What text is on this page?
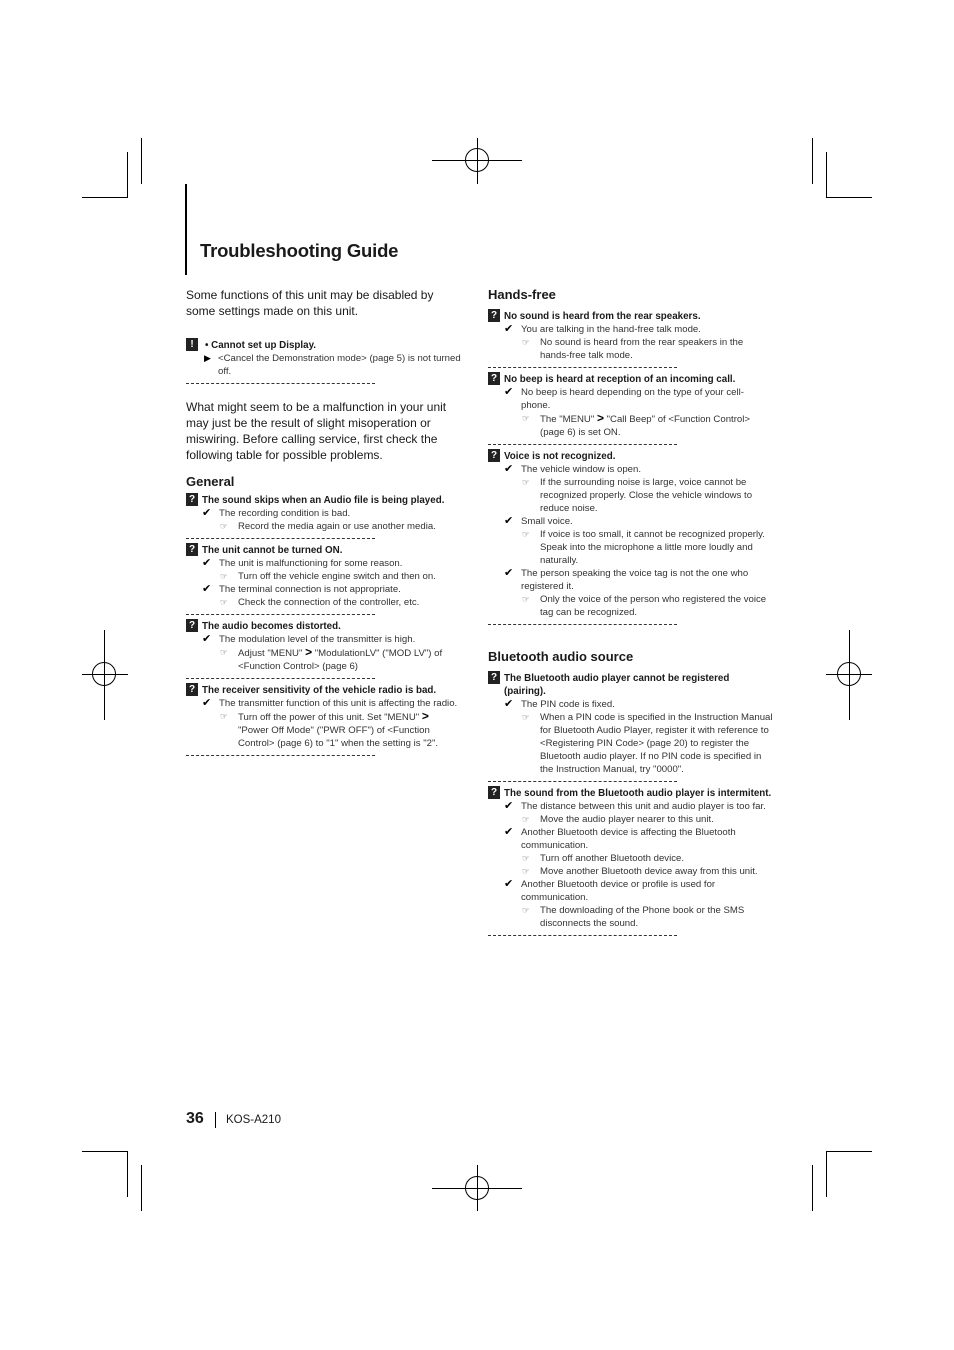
Troubleshooting Guide

Some functions of this unit may be disabled by some settings made on this unit.

!	• Cannot set up Display.
▶ <Cancel the Demonstration mode> (page 5) is not turned off.

What might seem to be a malfunction in your unit may just be the result of slight misoperation or miswiring. Before calling service, first check the following table for possible problems.

General
? The sound skips when an Audio file is being played.
✔ The recording condition is bad.
☞	Record the media again or use another media.
? The unit cannot be turned ON.
✔ The unit is malfunctioning for some reason.
☞	Turn off the vehicle engine switch and then on.
✔ The terminal connection is not appropriate.
☞	Check the connection of the controller, etc.
? The audio becomes distorted.
✔ The modulation level of the transmitter is high.
☞	Adjust "MENU" > "ModulationLV" ("MOD LV") of <Function Control> (page 6)
? The receiver sensitivity of the vehicle radio is bad.
✔ The transmitter function of this unit is affecting the radio.
☞	Turn off the power of this unit. Set "MENU" > "Power Off Mode" ("PWR OFF") of <Function Control> (page 6) to "1" when the setting is "2".
Hands-free
? No sound is heard from the rear speakers.
✔ You are talking in the hand-free talk mode.
☞	No sound is heard from the rear speakers in the hands-free talk mode.
? No beep is heard at reception of an incoming call.
✔ No beep is heard depending on the type of your cell-phone.
☞	The "MENU" > "Call Beep" of <Function Control> (page 6) is set ON.
? Voice is not recognized.
✔ The vehicle window is open.
☞	If the surrounding noise is large, voice cannot be recognized properly. Close the vehicle windows to reduce noise.
✔ Small voice.
☞	If voice is too small, it cannot be recognized properly. Speak into the microphone a little more loudly and naturally.
✔ The person speaking the voice tag is not the one who registered it.
☞	Only the voice of the person who registered the voice tag can be recognized.
Bluetooth audio source
? The Bluetooth audio player cannot be registered (pairing).
✔ The PIN code is fixed.
☞	When a PIN code is specified in the Instruction Manual for Bluetooth Audio Player, register it with reference to <Registering PIN Code> (page 20) to register the Bluetooth audio player. If no PIN code is specified in the Instruction Manual, try "0000".
? The sound from the Bluetooth audio player is intermitent.
✔ The distance between this unit and audio player is too far.
☞	Move the audio player nearer to this unit.
✔ Another Bluetooth device is affecting the Bluetooth communication.
☞	Turn off another Bluetooth device.
☞	Move another Bluetooth device away from this unit.
✔ Another Bluetooth device or profile is used for communication.
☞	The downloading of the Phone book or the SMS disconnects the sound.
36 KOS-A210
